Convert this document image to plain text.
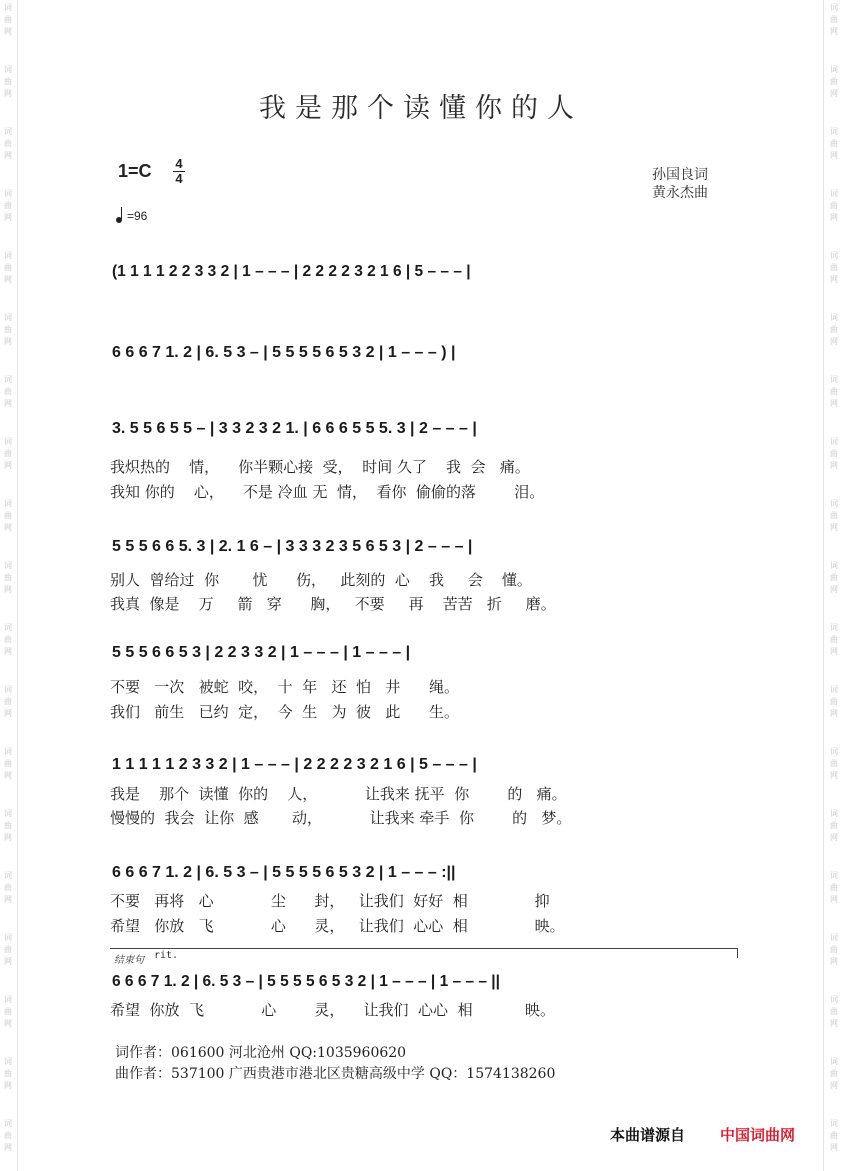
词
曲
网
词
曲
网
词
曲
网
词
曲
网
词
曲
网
词
曲
网
词
曲
网
词
曲
网
词
曲
网
词
曲
网
词
曲
网
词
曲
网
词
曲
网
词
曲
网
词
曲
网
词
曲
网
词
曲
网
词
曲
网
词
曲
网
词
曲
网
词
曲
网
词
曲
网
词
曲
网
词
曲
网
词
曲
网
词
曲
网
词
曲
网
词
曲
网
词
曲
网
词
曲
网
词
曲
网
词
曲
网
词
曲
网
词
曲
网
词
曲
网
词
曲
网
词
曲
网
词
曲
网
我是那个读懂你的人
1=C 4
4
=96
孙国良词
黄永杰曲
(1 1 1 1 2 2 3 3 2 | 1 – – – | 2 2 2 2 3 2 1 6 | 5 – – – |
6 6 6 7 1. 2 | 6. 5 3 – | 5 5 5 5 6 5 3 2 | 1 – – – ) |
3. 5 5 6 5 5 – | 3 3 2 3 2 1. | 6 6 6 5 5 5. 3 | 2 – – – |
我炽热的    情，    你半颗心接  受，  时间 久了    我  会   痛。
我知 你的    心，    不是 冷血 无  情，  看你  偷偷的落        泪。
5 5 5 6 6 5. 3 | 2. 1 6 – | 3 3 3 2 3 5 6 5 3 | 2 – – – |
别人  曾给过  你       忧      伤，   此刻的  心    我     会    懂。
我真  像是    万     箭   穿      胸，   不要     再    苦苦   折     磨。
5 5 5 6 6 5 3 | 2 2 3 3 2 | 1 – – – | 1 – – – |
不要   一次   被蛇  咬，  十  年   还  怕   井      绳。
我们   前生   已约  定，  今  生   为  彼   此      生。
1 1 1 1 1 2 3 3 2 | 1 – – – | 2 2 2 2 3 2 1 6 | 5 – – – |
我是    那个  读懂  你的    人，          让我来 抚平  你        的   痛。
慢慢的  我会  让你  感       动，          让我来 牵手  你        的   梦。
6 6 6 7 1. 2 | 6. 5 3 – | 5 5 5 5 6 5 3 2 | 1 – – – :||
不要   再将   心            尘      封，   让我们  好好  相              抑
希望   你放   飞            心      灵，   让我们  心心  相              映。
结束句 rit.
6 6 6 7 1. 2 | 6. 5 3 – | 5 5 5 5 6 5 3 2 | 1 – – – | 1 – – – ||
希望  你放  飞            心        灵，    让我们  心心  相           映。
词作者：061600 河北沧州 QQ:1035960620
曲作者：537100 广西贵港市港北区贵糖高级中学 QQ：1574138260
本曲谱源自 中国词曲网
